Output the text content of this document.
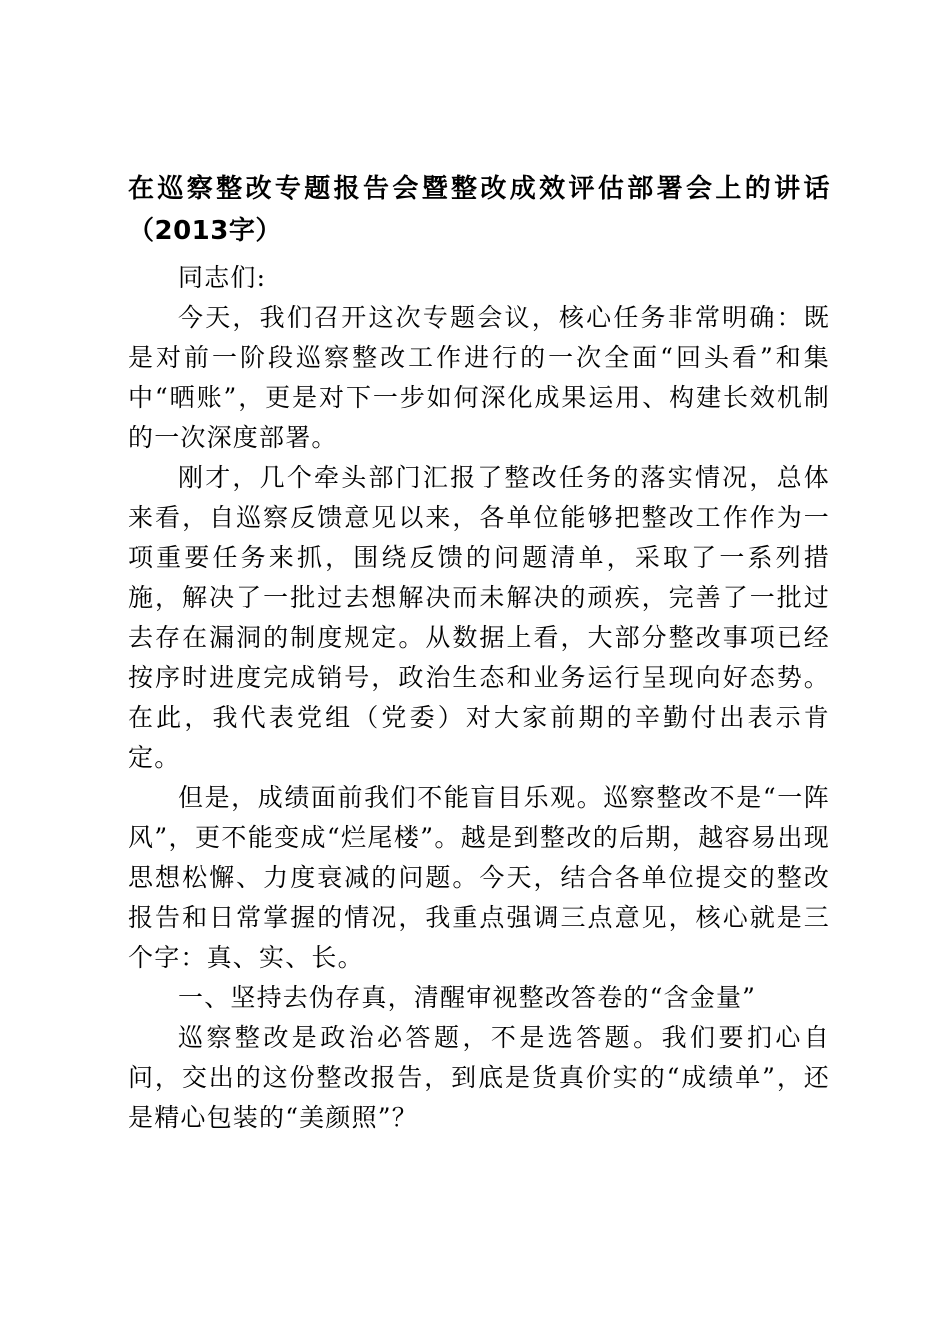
在巡察整改专题报告会暨整改成效评估部署会上的讲话（2013字）

同志们:

今天，我们召开这次专题会议，核心任务非常明确：既是对前一阶段巡察整改工作进行的一次全面“回头看”和集中“晒账”，更是对下一步如何深化成果运用、构建长效机制的一次深度部署。

刚才，几个牵头部门汇报了整改任务的落实情况，总体来看，自巡察反馈意见以来，各单位能够把整改工作作为一项重要任务来抓，围绕反馈的问题清单，采取了一系列措施，解决了一批过去想解决而未解决的顽疾，完善了一批过去存在漏洞的制度规定。从数据上看，大部分整改事项已经按序时进度完成销号，政治生态和业务运行呈现向好态势。在此，我代表党组（党委）对大家前期的辛勤付出表示肯定。

但是，成绩面前我们不能盲目乐观。巡察整改不是“一阵风”，更不能变成“烂尾楼”。越是到整改的后期，越容易出现思想松懈、力度衰减的问题。今天，结合各单位提交的整改报告和日常掌握的情况，我重点强调三点意见，核心就是三个字：真、实、长。

一、坚持去伪存真，清醒审视整改答卷的“含金量”

巡察整改是政治必答题，不是选答题。我们要扪心自问，交出的这份整改报告，到底是货真价实的“成绩单”，还是精心包装的“美颜照”？
